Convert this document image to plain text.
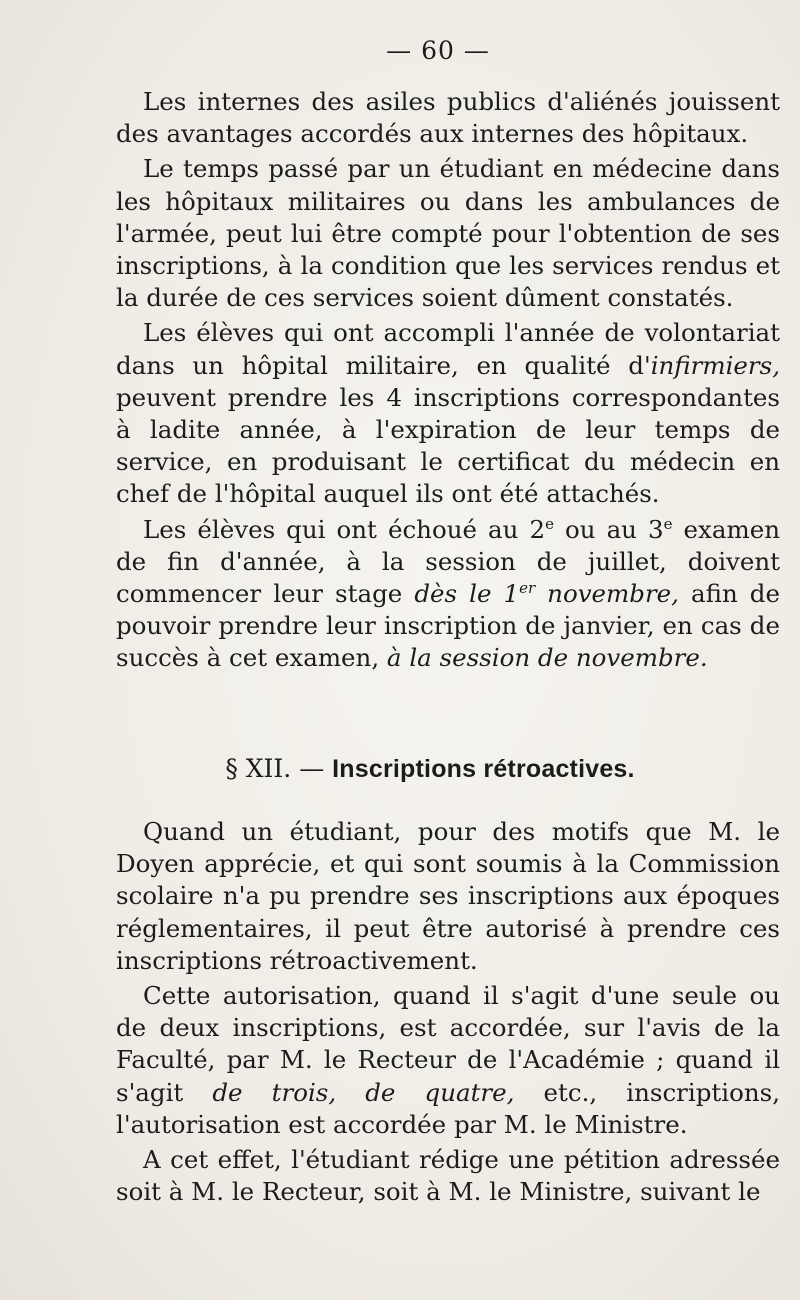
— 60 —

Les internes des asiles publics d'aliénés jouissent des avantages accordés aux internes des hôpitaux.

Le temps passé par un étudiant en médecine dans les hôpitaux militaires ou dans les ambulances de l'armée, peut lui être compté pour l'obtention de ses inscriptions, à la condition que les services rendus et la durée de ces services soient dûment constatés.

Les élèves qui ont accompli l'année de volontariat dans un hôpital militaire, en qualité d'infirmiers, peuvent prendre les 4 inscriptions correspondantes à ladite année, à l'expiration de leur temps de service, en produisant le certificat du médecin en chef de l'hôpital auquel ils ont été attachés.

Les élèves qui ont échoué au 2e ou au 3e examen de fin d'année, à la session de juillet, doivent commencer leur stage dès le 1er novembre, afin de pouvoir prendre leur inscription de janvier, en cas de succès à cet examen, à la session de novembre.

§ XII. — Inscriptions rétroactives.

Quand un étudiant, pour des motifs que M. le Doyen apprécie, et qui sont soumis à la Commission scolaire n'a pu prendre ses inscriptions aux époques réglementaires, il peut être autorisé à prendre ces inscriptions rétroactivement.

Cette autorisation, quand il s'agit d'une seule ou de deux inscriptions, est accordée, sur l'avis de la Faculté, par M. le Recteur de l'Académie ; quand il s'agit de trois, de quatre, etc., inscriptions, l'autorisation est accordée par M. le Ministre.

A cet effet, l'étudiant rédige une pétition adressée soit à M. le Recteur, soit à M. le Ministre, suivant le
